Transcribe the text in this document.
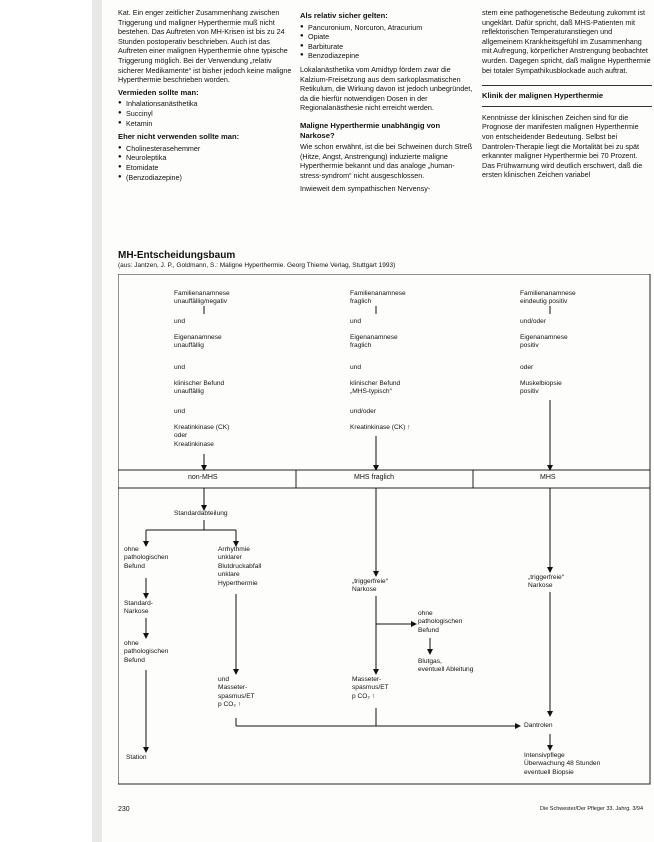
Kat. Ein enger zeitlicher Zusammenhang zwischen Triggerung und maligner Hyperthermie muß nicht bestehen. Das Auftreten von MH-Krisen ist bis zu 24 Stunden postoperativ beschrieben. Auch ist das Auftreten einer malignen Hyperthermie ohne typische Triggerung möglich. Bei der Verwendung „relativ sicherer Medikamente“ ist bisher jedoch keine maligne Hyperthermie beschrieben worden.

Vermieden sollte man:
● Inhalationsanästhetika
● Succinyl
● Ketamin
Eher nicht verwenden sollte man:
● Cholinesterasehemmer
● Neuroleptika
● Etomidate
● (Benzodiazepine)
Als relativ sicher gelten:
● Pancuronium, Norcuron, Atracurium
● Opiate
● Barbiturate
● Benzodiazepine

Lokalanästhetika vom Amidtyp fördern zwar die Kalzium-Freisetzung aus dem sarkoplasmatischen Retikulum, die Wirkung davon ist jedoch unbegründet, da die hierfür notwendigen Dosen in der Regionalanästhesie nicht erreicht werden.

Maligne Hyperthermie unabhängig von Narkose?

Wie schon erwähnt, ist die bei Schweinen durch Streß (Hitze, Angst, Anstrengung) induzierte maligne Hyperthermie bekannt und das analoge „human-stress-syndrom“ nicht ausgeschlossen.

Inwieweit dem sympathischen Nervensy-

stem eine pathogenetische Bedeutung zukommt ist ungeklärt. Dafür spricht, daß MHS-Patienten mit reflektorischen Temperaturanstiegen und allgemeinem Krankheitsgefühl im Zusammenhang mit Aufregung, körperlicher Anstrengung beobachtet wurden. Dagegen spricht, daß maligne Hyperthermie bei totaler Sympathikusblockade auch auftrat.

Klinik der malignen Hyperthermie

Kenntnisse der klinischen Zeichen sind für die Prognose der manifesten malignen Hyperthermie von entscheidender Bedeutung. Selbst bei Dantrolen-Therapie liegt die Mortalität bei zu spät erkannter maligner Hyperthermie bei 70 Prozent. Das Frühwarnung wird deutlich erschwert, daß die ersten klinischen Zeichen variabel

MH-Entscheidungsbaum
(aus: Jantzen, J. P., Goldmann, S.: Maligne Hyperthermie. Georg Thieme Verlag, Stuttgart 1993)
Familienanamnese
unauffällig/negativ
und
Eigenanamnese
unauffällig
und
klinischer Befund
unauffällig
und
Kreatinkinase (CK)
oder
Kreatinkinase
Familienanamnese
fraglich
und
Eigenanamnese
fraglich
und
klinischer Befund
„MHS-typisch“
und/oder
Kreatinkinase (CK) ↑
Familienanamnese
eindeutig positiv
und/oder
Eigenanamnese
positiv
oder
Muskelbiopsie
positiv
non-MHS	MHS fraglich	MHS
Standardabteilung
ohne
pathologischen
Befund
Arrhythmie
unklarer
Blutdruckabfall
unklare
Hyperthermie
Standard-
Narkose
ohne
pathologischen
Befund
und
Masseter-
spasmus/ET
p CO₂ ↑
Station
„triggerfreie“
Narkose
ohne
pathologischen
Befund
Blutgas,
eventuell Ableitung
Masseter-
spasmus/ET
p CO₂ ↑
„triggerfreie“
Narkose
Dantrolen
Intensivpflege
Überwachung 48 Stunden
eventuell Biopsie
230	Die Schwester/Der Pfleger 33. Jahrg. 3/94
